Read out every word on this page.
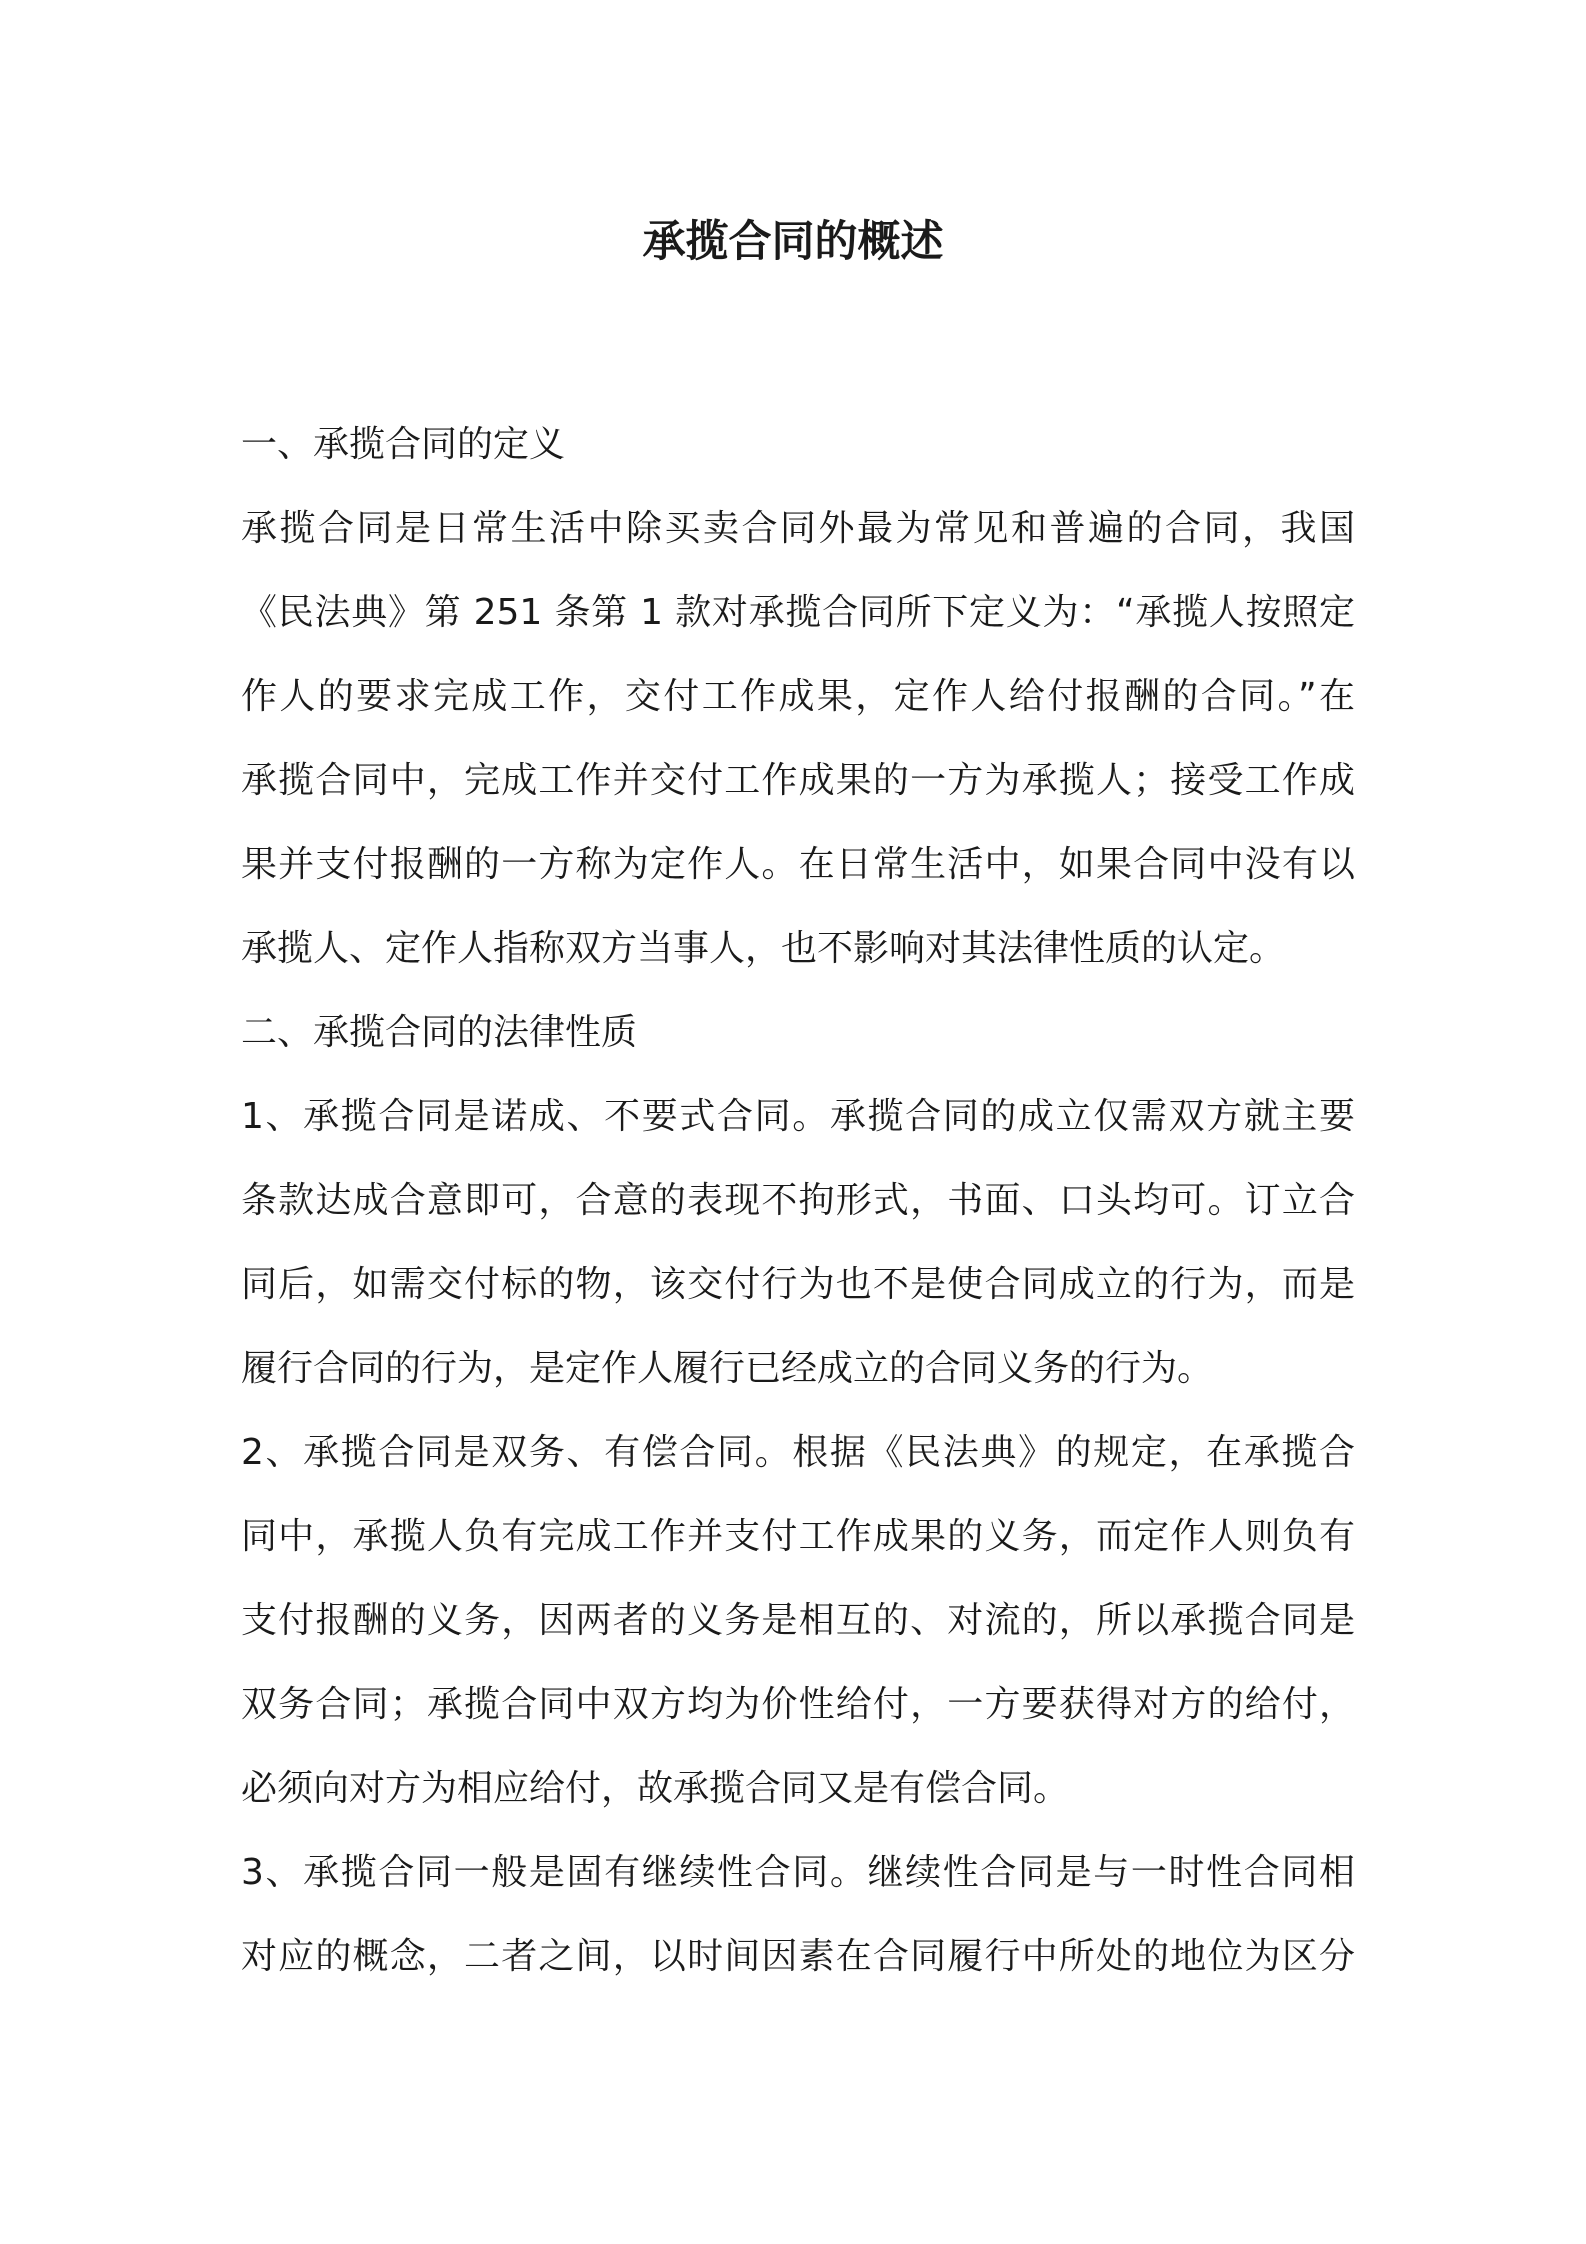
承揽合同的概述
一、承揽合同的定义
承揽合同是日常生活中除买卖合同外最为常见和普遍的合同，我国
《民法典》第 251 条第 1 款对承揽合同所下定义为：“承揽人按照定
作人的要求完成工作，交付工作成果，定作人给付报酬的合同。”在
承揽合同中，完成工作并交付工作成果的一方为承揽人；接受工作成
果并支付报酬的一方称为定作人。在日常生活中，如果合同中没有以
承揽人、定作人指称双方当事人，也不影响对其法律性质的认定。
二、承揽合同的法律性质
1、承揽合同是诺成、不要式合同。承揽合同的成立仅需双方就主要
条款达成合意即可，合意的表现不拘形式，书面、口头均可。订立合
同后，如需交付标的物，该交付行为也不是使合同成立的行为，而是
履行合同的行为，是定作人履行已经成立的合同义务的行为。
2、承揽合同是双务、有偿合同。根据《民法典》的规定，在承揽合
同中，承揽人负有完成工作并支付工作成果的义务，而定作人则负有
支付报酬的义务，因两者的义务是相互的、对流的，所以承揽合同是
双务合同；承揽合同中双方均为价性给付，一方要获得对方的给付，
必须向对方为相应给付，故承揽合同又是有偿合同。
3、承揽合同一般是固有继续性合同。继续性合同是与一时性合同相
对应的概念，二者之间，以时间因素在合同履行中所处的地位为区分
